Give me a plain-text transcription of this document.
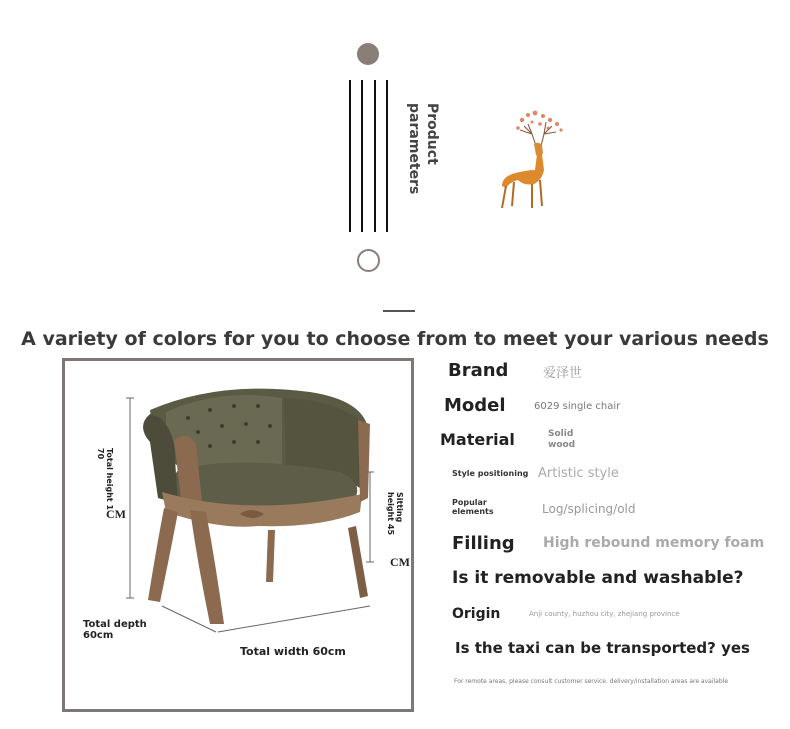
Product
parameters
A variety of colors for you to choose from to meet your various needs
Total height 1 70
CM	Sitting height 45
CM
Total depth
60cm
Total width 60cm
Brand	爱泽世
Model	6029 single chair
Material	Solid
wood
Style positioning Artistic style
Popular
elements	Log/splicing/old
Filling High rebound memory foam
Is it removable and washable?
Origin	Anji county, huzhou city, zhejiang province
Is the taxi can be transported? yes
For remote areas, please consult customer service. delivery/installation areas are available
